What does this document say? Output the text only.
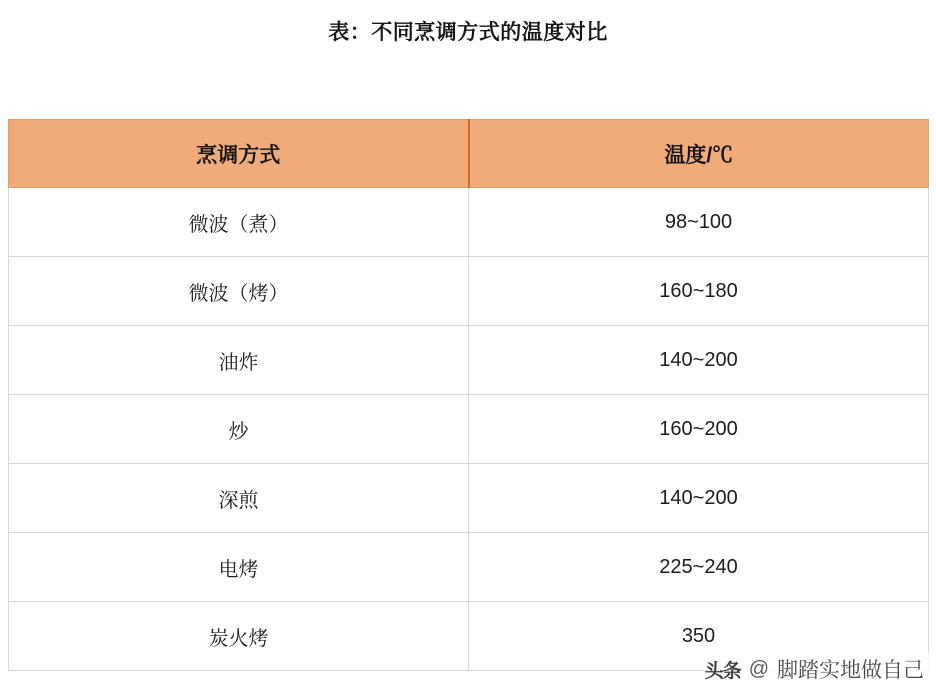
表：不同烹调方式的温度对比
烹调方式	温度/℃
微波（煮）	98~100
微波（烤）	160~180
油炸	140~200
炒	160~200
深煎	140~200
电烤	225~240
炭火烤	350
头条 @ 脚踏实地做自己
